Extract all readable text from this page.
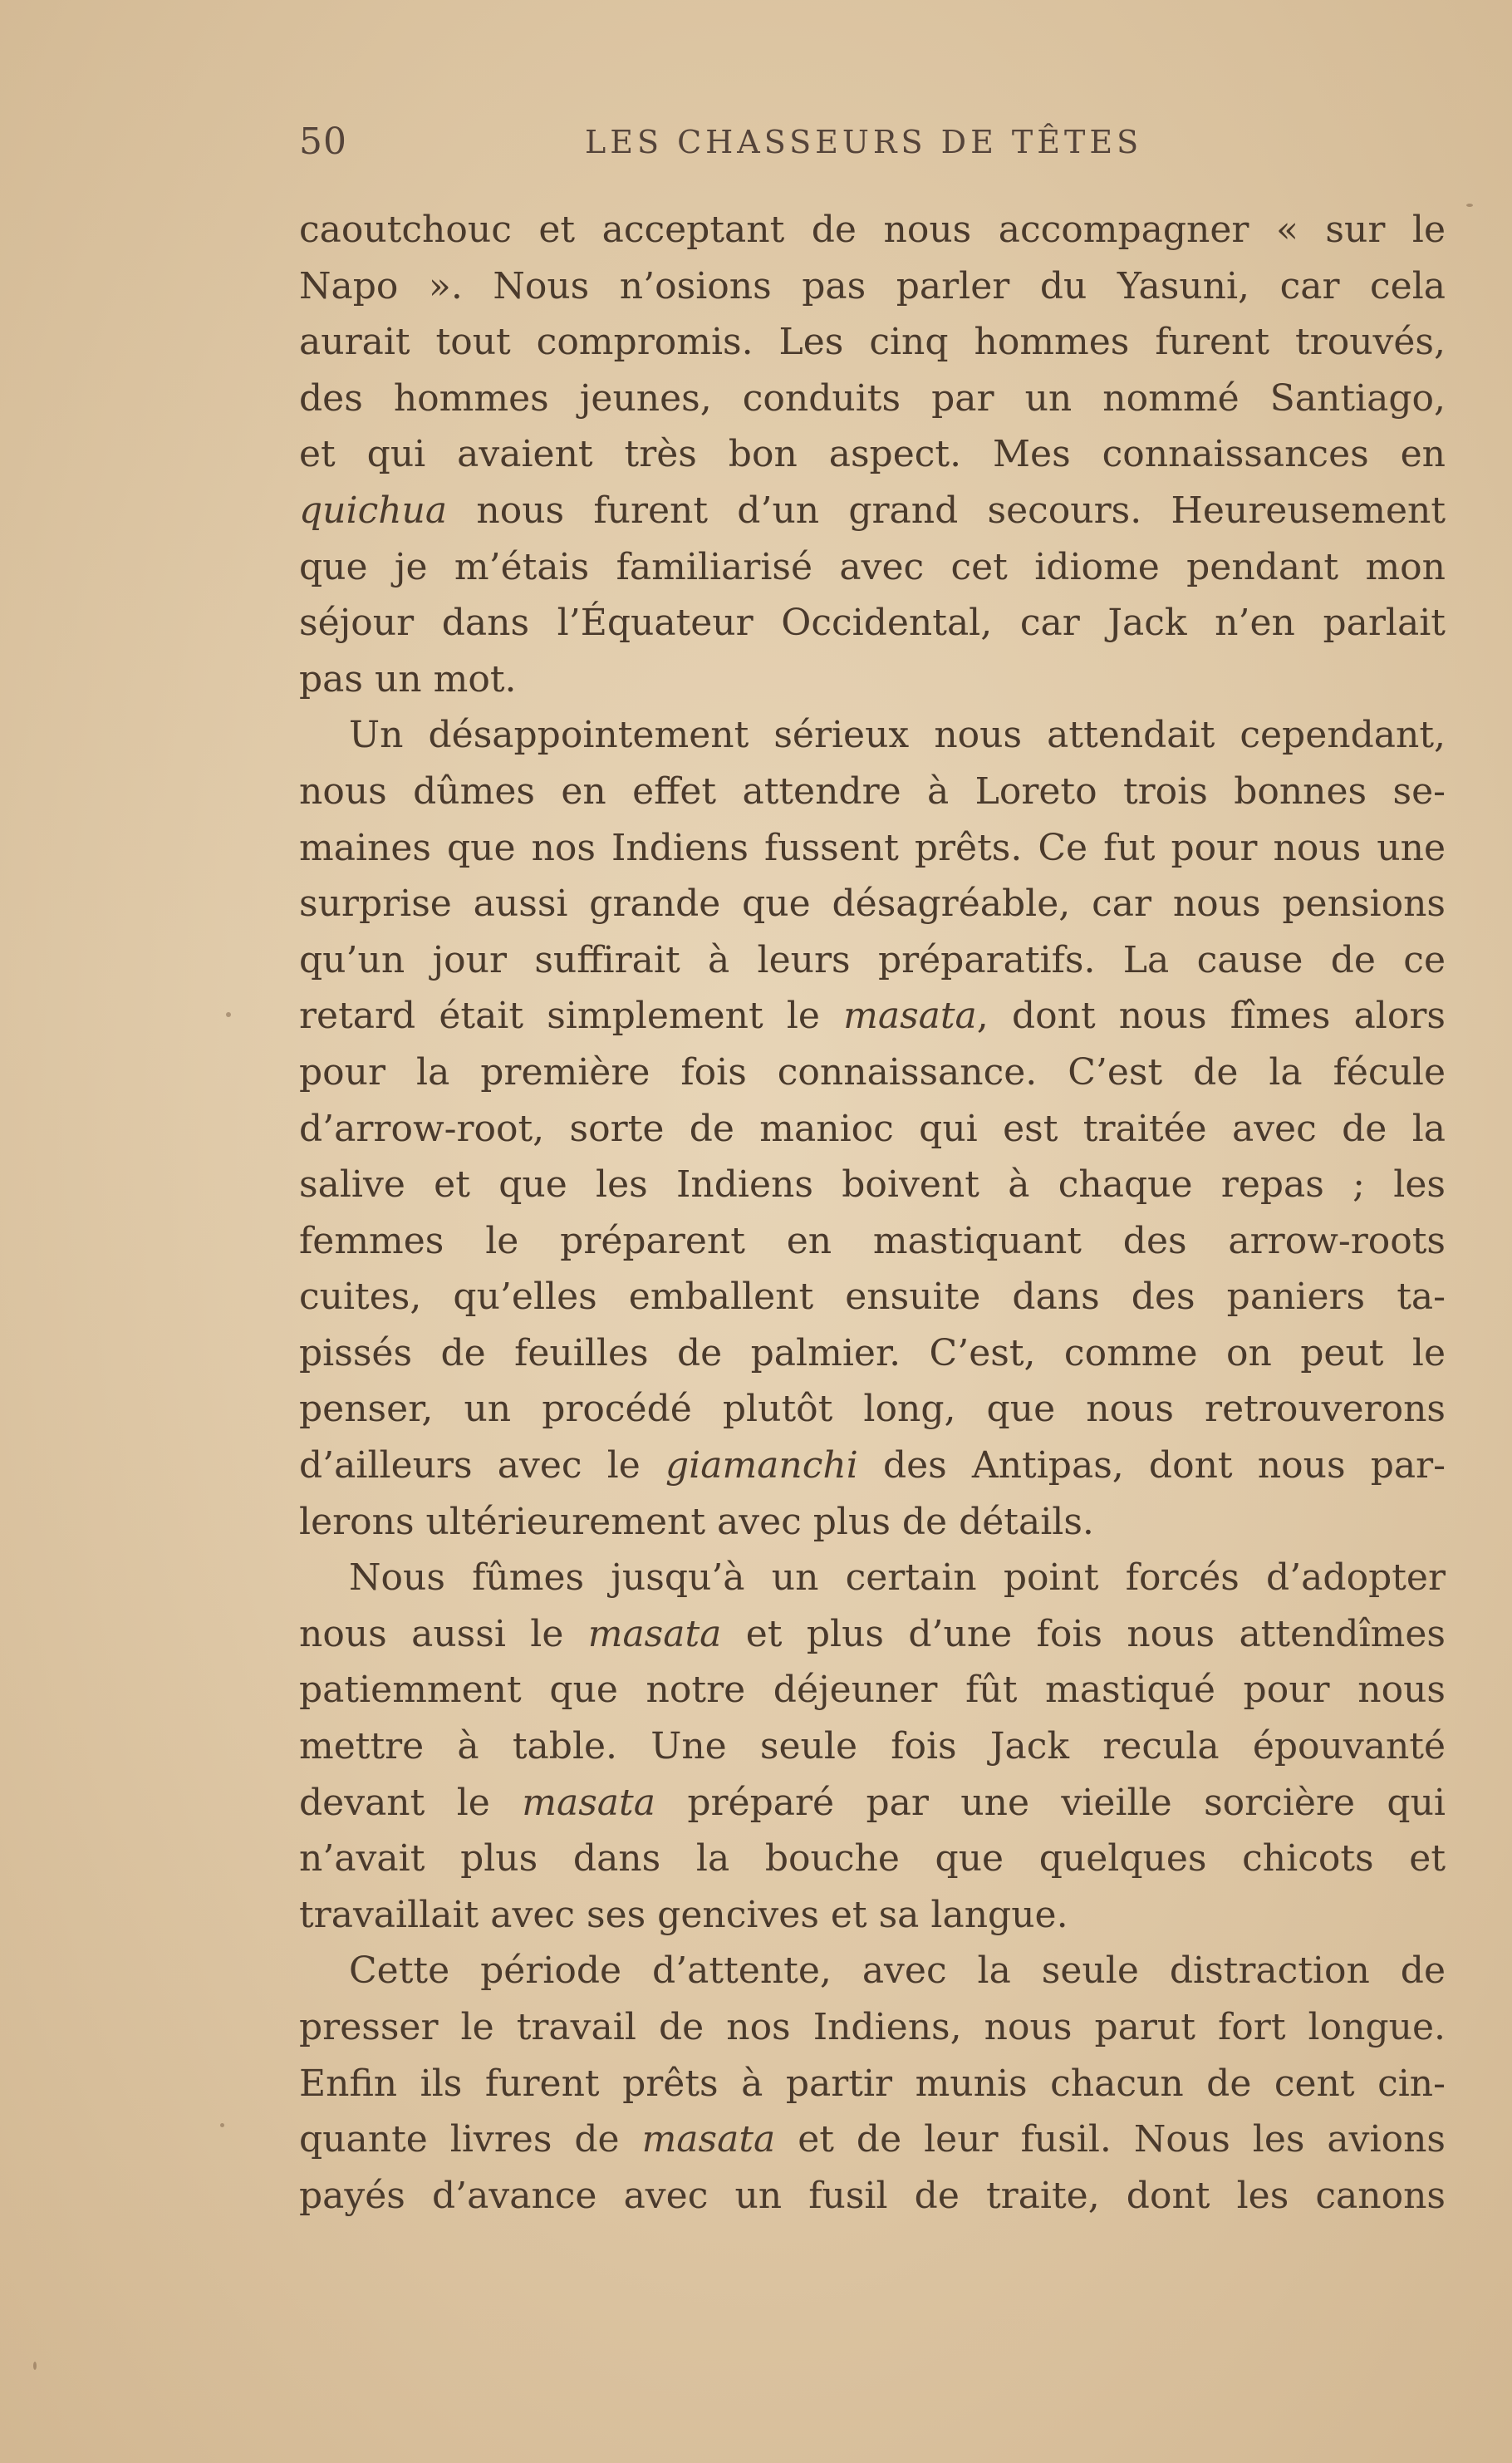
50	LES CHASSEURS DE TÊTES
caoutchouc et acceptant de nous accompagner « sur le
Napo ». Nous n’osions pas parler du Yasuni, car cela
aurait tout compromis. Les cinq hommes furent trouvés,
des hommes jeunes, conduits par un nommé Santiago,
et qui avaient très bon aspect. Mes connaissances en
quichua nous furent d’un grand secours. Heureusement
que je m’étais familiarisé avec cet idiome pendant mon
séjour dans l’Équateur Occidental, car Jack n’en parlait
pas un mot.
Un désappointement sérieux nous attendait cependant,
nous dûmes en effet attendre à Loreto trois bonnes se-
maines que nos Indiens fussent prêts. Ce fut pour nous une
surprise aussi grande que désagréable, car nous pensions
qu’un jour suffirait à leurs préparatifs. La cause de ce
retard était simplement le masata, dont nous fîmes alors
pour la première fois connaissance. C’est de la fécule
d’arrow-root, sorte de manioc qui est traitée avec de la
salive et que les Indiens boivent à chaque repas ; les
femmes le préparent en mastiquant des arrow-roots
cuites, qu’elles emballent ensuite dans des paniers ta-
pissés de feuilles de palmier. C’est, comme on peut le
penser, un procédé plutôt long, que nous retrouverons
d’ailleurs avec le giamanchi des Antipas, dont nous par-
lerons ultérieurement avec plus de détails.
Nous fûmes jusqu’à un certain point forcés d’adopter
nous aussi le masata et plus d’une fois nous attendîmes
patiemment que notre déjeuner fût mastiqué pour nous
mettre à table. Une seule fois Jack recula épouvanté
devant le masata préparé par une vieille sorcière qui
n’avait plus dans la bouche que quelques chicots et
travaillait avec ses gencives et sa langue.
Cette période d’attente, avec la seule distraction de
presser le travail de nos Indiens, nous parut fort longue.
Enfin ils furent prêts à partir munis chacun de cent cin-
quante livres de masata et de leur fusil. Nous les avions
payés d’avance avec un fusil de traite, dont les canons
